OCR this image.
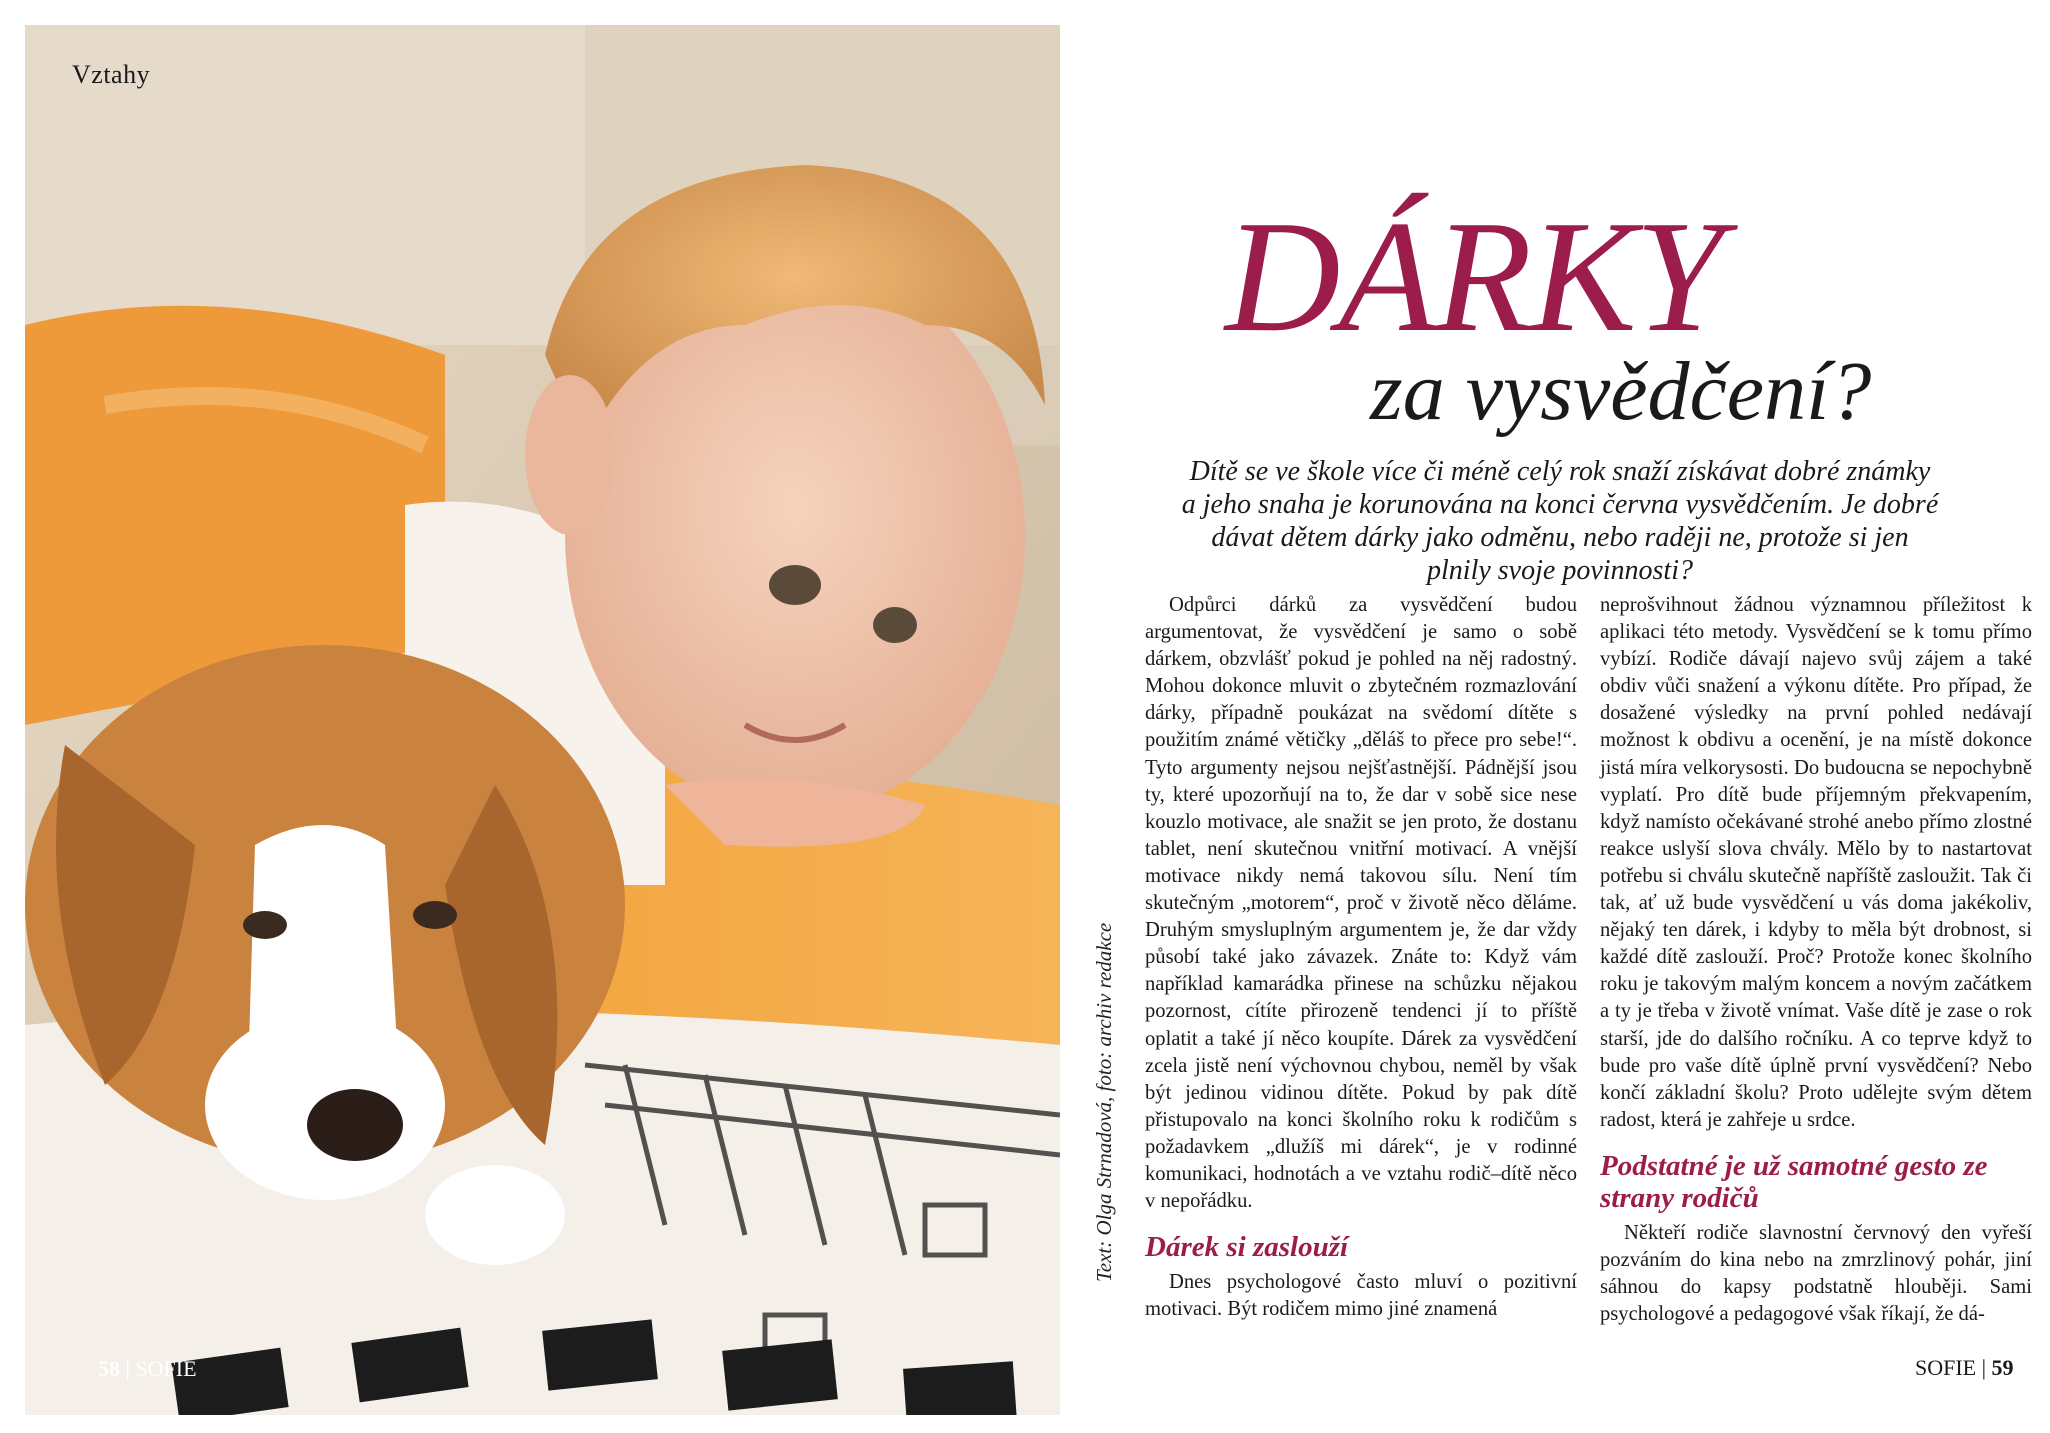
Vztahy
58 | SOFIE
Text: Olga Strnadová, foto: archiv redakce
DÁRKY
za vysvědčení?

Dítě se ve škole více či méně celý rok snaží získávat dobré známky a jeho snaha je korunována na konci června vysvědčením. Je dobré dávat dětem dárky jako odměnu, nebo raději ne, protože si jen plnily svoje povinnosti?

Odpůrci dárků za vysvědčení budou argumentovat, že vysvědčení je samo o sobě dárkem, obzvlášť pokud je pohled na něj radostný. Mohou dokonce mluvit o zbytečném rozmazlování dárky, případně poukázat na svědomí dítěte s použitím známé větičky „děláš to přece pro sebe!“. Tyto argumenty nejsou nejšťastnější. Pádnější jsou ty, které upozorňují na to, že dar v sobě sice nese kouzlo motivace, ale snažit se jen proto, že dostanu tablet, není skutečnou vnitřní motivací. A vnější motivace nikdy nemá takovou sílu. Není tím skutečným „motorem“, proč v životě něco děláme. Druhým smysluplným argumentem je, že dar vždy působí také jako závazek. Znáte to: Když vám například kamarádka přinese na schůzku nějakou pozornost, cítíte přirozeně tendenci jí to příště oplatit a také jí něco koupíte. Dárek za vysvědčení zcela jistě není výchovnou chybou, neměl by však být jedinou vidinou dítěte. Pokud by pak dítě přistupovalo na konci školního roku k rodičům s požadavkem „dlužíš mi dárek“, je v rodinné komunikaci, hodnotách a ve vztahu rodič–dítě něco v nepořádku.

Dárek si zaslouží

Dnes psychologové často mluví o pozitivní motivaci. Být rodičem mimo jiné znamená

neprošvihnout žádnou významnou příležitost k aplikaci této metody. Vysvědčení se k tomu přímo vybízí. Rodiče dávají najevo svůj zájem a také obdiv vůči snažení a výkonu dítěte. Pro případ, že dosažené výsledky na první pohled nedávají možnost k obdivu a ocenění, je na místě dokonce jistá míra velkorysosti. Do budoucna se nepochybně vyplatí. Pro dítě bude příjemným překvapením, když namísto očekávané strohé anebo přímo zlostné reakce uslyší slova chvály. Mělo by to nastartovat potřebu si chválu skutečně napříště zasloužit. Tak či tak, ať už bude vysvědčení u vás doma jakékoliv, nějaký ten dárek, i kdyby to měla být drobnost, si každé dítě zaslouží. Proč? Protože konec školního roku je takovým malým koncem a novým začátkem a ty je třeba v životě vnímat. Vaše dítě je zase o rok starší, jde do dalšího ročníku. A co teprve když to bude pro vaše dítě úplně první vysvědčení? Nebo končí základní školu? Proto udělejte svým dětem radost, která je zahřeje u srdce.

Podstatné je už samotné gesto ze strany rodičů

Někteří rodiče slavnostní červnový den vyřeší pozváním do kina nebo na zmrzlinový pohár, jiní sáhnou do kapsy podstatně hlouběji. Sami psychologové a pedagogové však říkají, že dá-

SOFIE | 59
